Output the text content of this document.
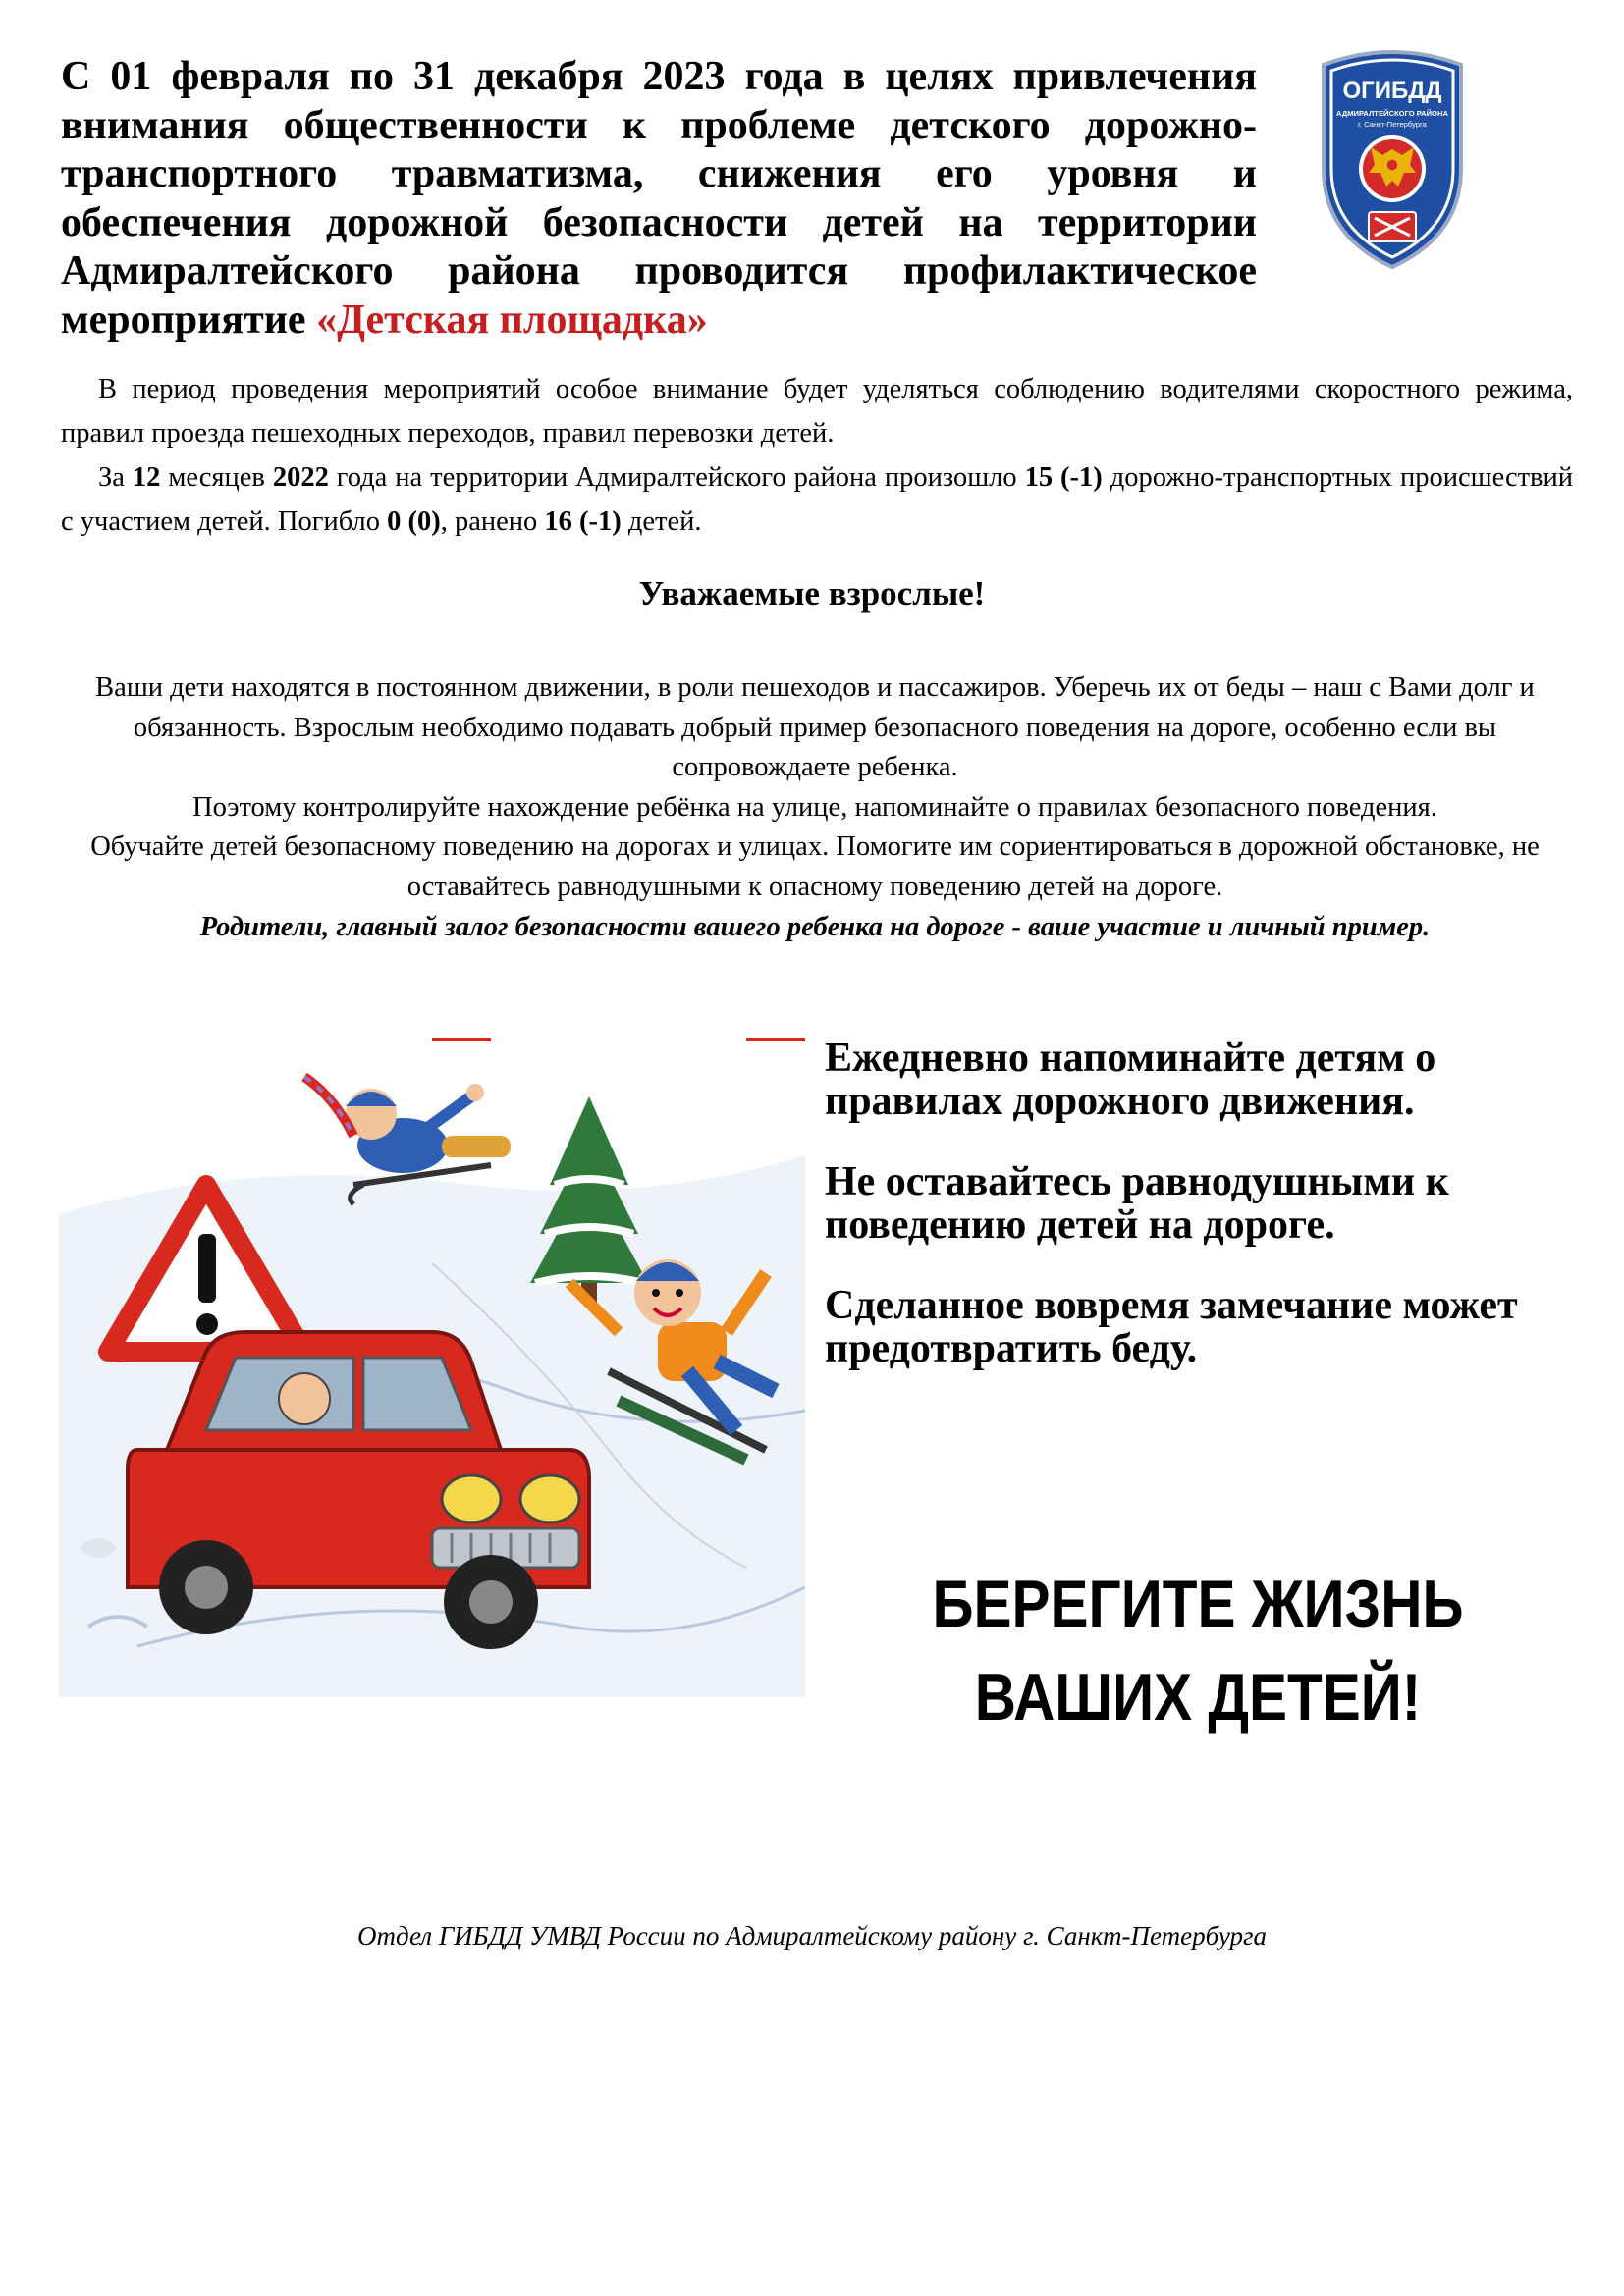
С 01 февраля по 31 декабря 2023 года в целях привлечения внимания общественности к проблеме детского дорожно-транспортного травматизма, снижения его уровня и обеспечения дорожной безопасности детей на территории Адмиралтейского района проводится профилактическое мероприятие «Детская площадка»
ОГИБДД
АДМИРАЛТЕЙСКОГО РАЙОНА
г. Санкт-Петербурга

В период проведения мероприятий особое внимание будет уделяться соблюдению водителями скоростного режима, правил проезда пешеходных переходов, правил перевозки детей.

За 12 месяцев 2022 года на территории Адмиралтейского района произошло 15 (-1) дорожно-транспортных происшествий с участием детей. Погибло 0 (0), ранено 16 (-1) детей.

Уважаемые взрослые!

Ваши дети находятся в постоянном движении, в роли пешеходов и пассажиров. Уберечь их от беды – наш с Вами долг и обязанность. Взрослым необходимо подавать добрый пример безопасного поведения на дороге, особенно если вы сопровождаете ребенка.

Поэтому контролируйте нахождение ребёнка на улице, напоминайте о правилах безопасного поведения.

Обучайте детей безопасному поведению на дорогах и улицах. Помогите им сориентироваться в дорожной обстановке, не оставайтесь равнодушными к опасному поведению детей на дороге.

Родители, главный залог безопасности вашего ребенка на дороге - ваше участие и личный пример.

Ежедневно напоминайте детям о правилах дорожного движения.

Не оставайтесь равнодушными к поведению детей на дороге.

Сделанное вовремя замечание может предотвратить беду.

БЕРЕГИТЕ ЖИЗНЬ
ВАШИХ ДЕТЕЙ!
Отдел ГИБДД УМВД России по Адмиралтейскому району г. Санкт-Петербурга
